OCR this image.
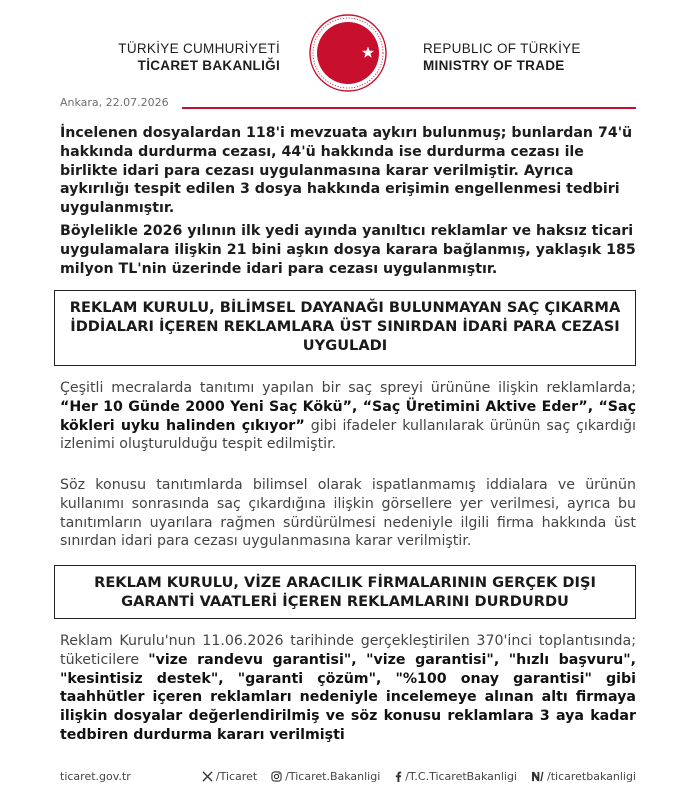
TÜRKİYE CUMHURİYETİ
TİCARET BAKANLIĞI
REPUBLIC OF TÜRKİYE
MINISTRY OF TRADE
Ankara, 22.07.2026

İncelenen dosyalardan 118'i mevzuata aykırı bulunmuş; bunlardan 74'ü hakkında durdurma cezası, 44'ü hakkında ise durdurma cezası ile birlikte idari para cezası uygulanmasına karar verilmiştir. Ayrıca aykırılığı tespit edilen 3 dosya hakkında erişimin engellenmesi tedbiri uygulanmıştır.

Böylelikle 2026 yılının ilk yedi ayında yanıltıcı reklamlar ve haksız ticari uygulamalara ilişkin 21 bini aşkın dosya karara bağlanmış, yaklaşık 185 milyon TL'nin üzerinde idari para cezası uygulanmıştır.

REKLAM KURULU, BİLİMSEL DAYANAĞI BULUNMAYAN SAÇ ÇIKARMA İDDİALARI İÇEREN REKLAMLARA ÜST SINIRDAN İDARİ PARA CEZASI UYGULADI

Çeşitli mecralarda tanıtımı yapılan bir saç spreyi ürününe ilişkin reklamlarda; “Her 10 Günde 2000 Yeni Saç Kökü”, “Saç Üretimini Aktive Eder”, “Saç kökleri uyku halinden çıkıyor” gibi ifadeler kullanılarak ürünün saç çıkardığı izlenimi oluşturulduğu tespit edilmiştir.

Söz konusu tanıtımlarda bilimsel olarak ispatlanmamış iddialara ve ürünün kullanımı sonrasında saç çıkardığına ilişkin görsellere yer verilmesi, ayrıca bu tanıtımların uyarılara rağmen sürdürülmesi nedeniyle ilgili firma hakkında üst sınırdan idari para cezası uygulanmasına karar verilmiştir.

REKLAM KURULU, VİZE ARACILIK FİRMALARININ GERÇEK DIŞI GARANTİ VAATLERİ İÇEREN REKLAMLARINI DURDURDU

Reklam Kurulu'nun 11.06.2026 tarihinde gerçekleştirilen 370'inci toplantısında; tüketicilere "vize randevu garantisi", "vize garantisi", "hızlı başvuru", "kesintisiz destek", "garanti çözüm", "%100 onay garantisi" gibi taahhütler içeren reklamları nedeniyle incelemeye alınan altı firmaya ilişkin dosyalar değerlendirilmiş ve söz konusu reklamlara 3 aya kadar tedbiren durdurma kararı verilmişti

ticaret.gov.tr	/Ticaret	/Ticaret.Bakanligi /T.C.TicaretBakanligi	/ticaretbakanligi
